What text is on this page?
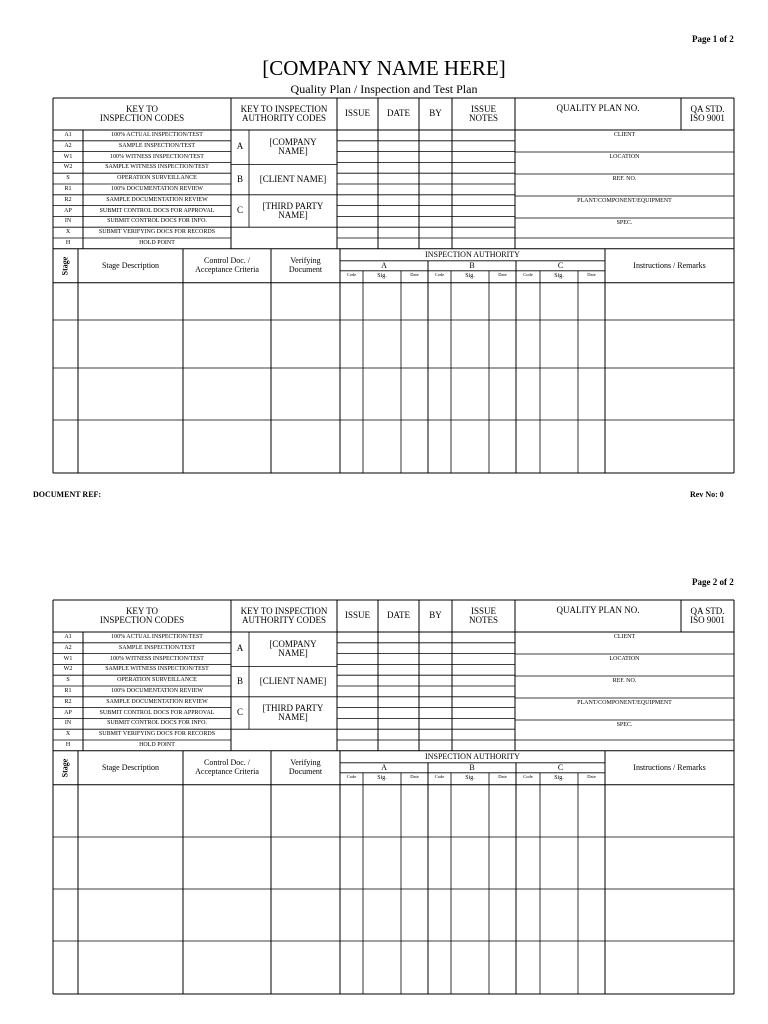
Page 1 of 2
[COMPANY NAME HERE]
Quality Plan / Inspection and Test Plan
KEY TO
INSPECTION CODES
KEY TO INSPECTION
AUTHORITY CODES	ISSUE	DATE	BY	ISSUE
NOTES
QUALITY PLAN NO.	QA STD.
ISO 9001
A1	100% ACTUAL INSPECTION/TEST
A2	SAMPLE INSPECTION/TEST
W1	100% WITNESS INSPECTION/TEST
W2	SAMPLE WITNESS INSPECTION/TEST
S	OPERATION SURVEILLANCE
R1	100% DOCUMENTATION REVIEW
R2	SAMPLE DOCUMENTATION REVIEW
AP	SUBMIT CONTROL DOCS FOR APPROVAL
IN	SUBMIT CONTROL DOCS FOR INFO.
X	SUBMIT VERIFYING DOCS FOR RECORDS
H	HOLD POINT
A	[COMPANY
NAME]
B	[CLIENT NAME]
C	[THIRD PARTY
NAME]
CLIENT
LOCATION
REF. NO.
PLANT/COMPONENT/EQUIPMENT
SPEC.
Stage	Stage Description	Control Doc. /
Acceptance Criteria
Verifying
Document
INSPECTION AUTHORITY
A	B	C
Code	Sig.	Date	Code	Sig.	Date	Code	Sig.	Date
Instructions / Remarks
DOCUMENT REF:	Rev No: 0
Page 2 of 2
KEY TO
INSPECTION CODES
KEY TO INSPECTION
AUTHORITY CODES	ISSUE	DATE	BY	ISSUE
NOTES
QUALITY PLAN NO.	QA STD.
ISO 9001
A1	100% ACTUAL INSPECTION/TEST
A2	SAMPLE INSPECTION/TEST
W1	100% WITNESS INSPECTION/TEST
W2	SAMPLE WITNESS INSPECTION/TEST
S	OPERATION SURVEILLANCE
R1	100% DOCUMENTATION REVIEW
R2	SAMPLE DOCUMENTATION REVIEW
AP	SUBMIT CONTROL DOCS FOR APPROVAL
IN	SUBMIT CONTROL DOCS FOR INFO.
X	SUBMIT VERIFYING DOCS FOR RECORDS
H	HOLD POINT
A	[COMPANY
NAME]
B	[CLIENT NAME]
C	[THIRD PARTY
NAME]
CLIENT
LOCATION
REF. NO.
PLANT/COMPONENT/EQUIPMENT
SPEC.
Stage	Stage Description	Control Doc. /
Acceptance Criteria
Verifying
Document
INSPECTION AUTHORITY
A	B	C
Code	Sig.	Date	Code	Sig.	Date	Code	Sig.	Date
Instructions / Remarks
